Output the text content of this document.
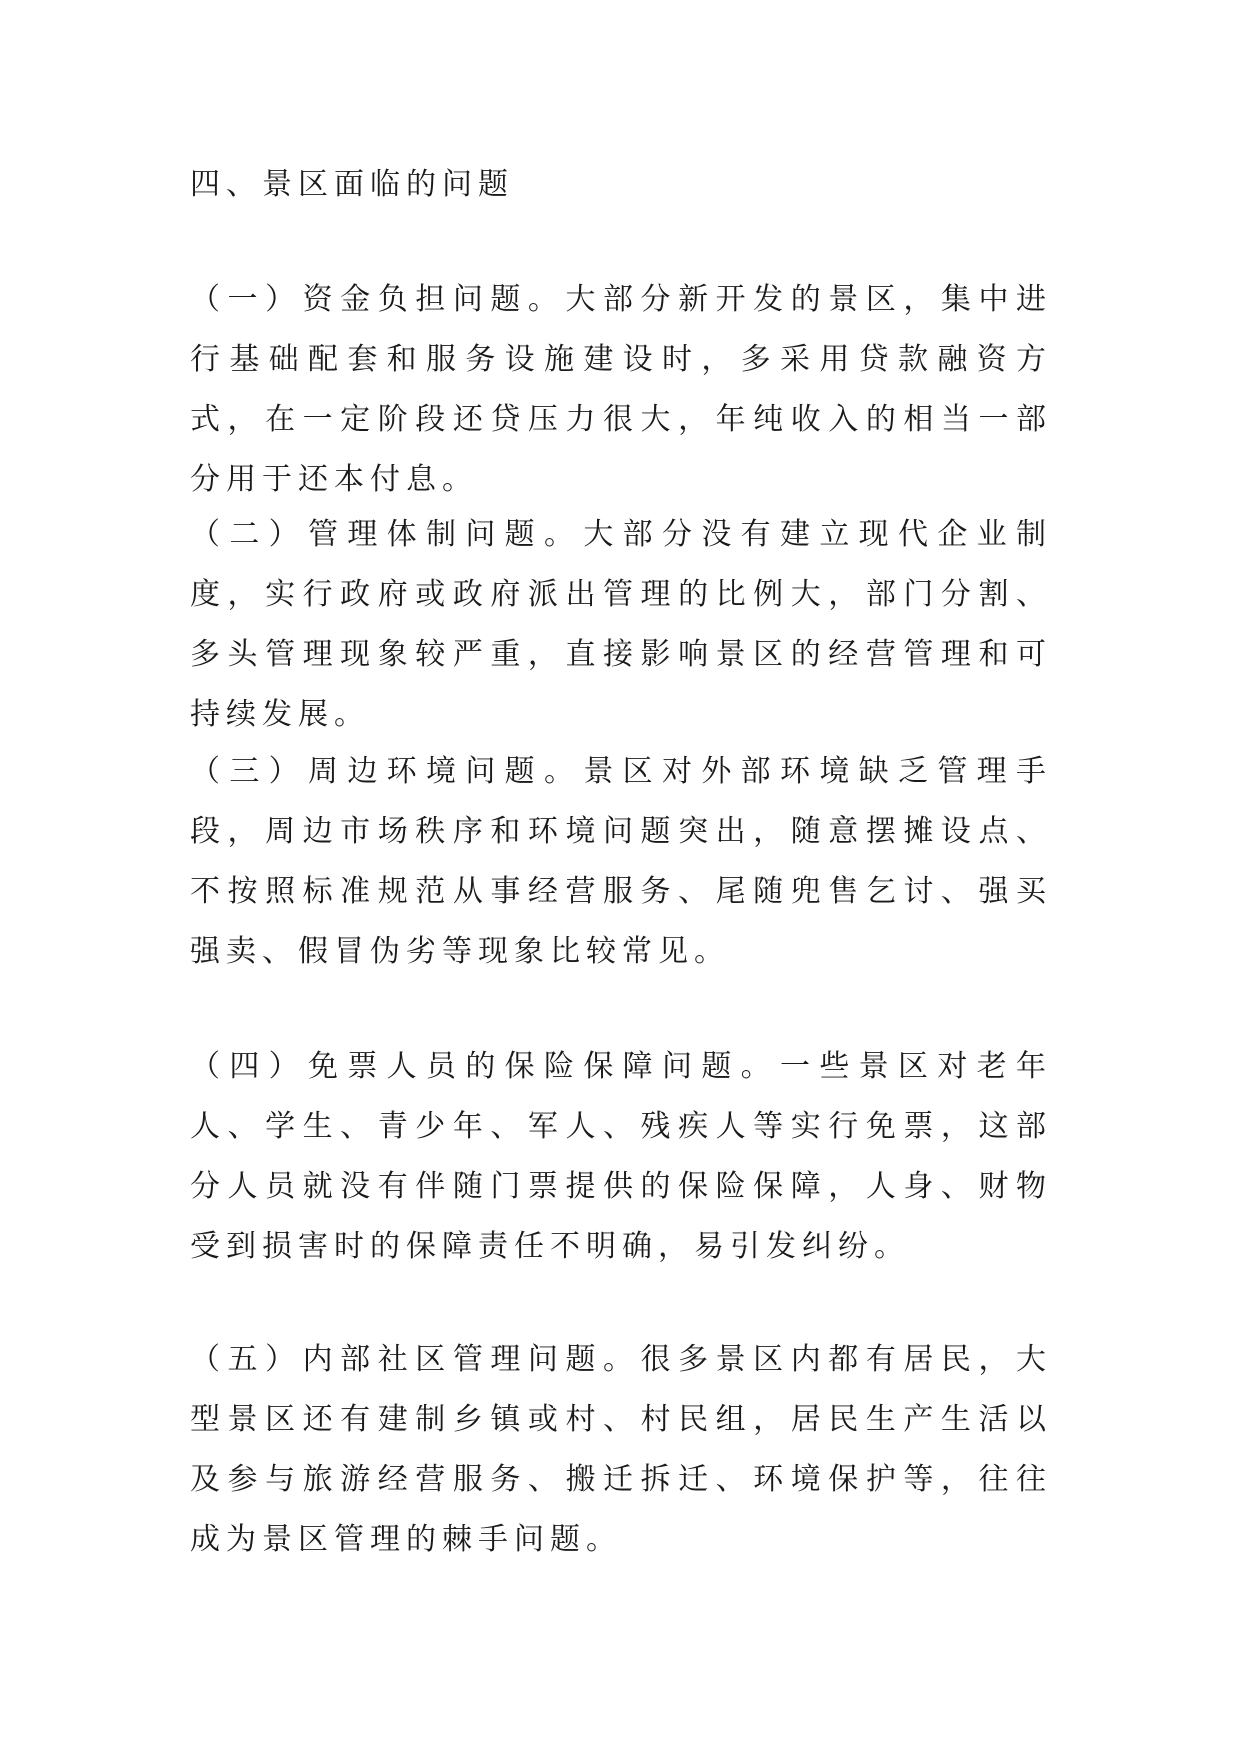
四、景区面临的问题

（一）资金负担问题。大部分新开发的景区，集中进行基础配套和服务设施建设时，多采用贷款融资方式，在一定阶段还贷压力很大，年纯收入的相当一部分用于还本付息。

（二）管理体制问题。大部分没有建立现代企业制度，实行政府或政府派出管理的比例大，部门分割、多头管理现象较严重，直接影响景区的经营管理和可持续发展。

（三）周边环境问题。景区对外部环境缺乏管理手段，周边市场秩序和环境问题突出，随意摆摊设点、不按照标准规范从事经营服务、尾随兜售乞讨、强买强卖、假冒伪劣等现象比较常见。

（四）免票人员的保险保障问题。一些景区对老年人、学生、青少年、军人、残疾人等实行免票，这部分人员就没有伴随门票提供的保险保障，人身、财物受到损害时的保障责任不明确，易引发纠纷。

（五）内部社区管理问题。很多景区内都有居民，大型景区还有建制乡镇或村、村民组，居民生产生活以及参与旅游经营服务、搬迁拆迁、环境保护等，往往成为景区管理的棘手问题。
